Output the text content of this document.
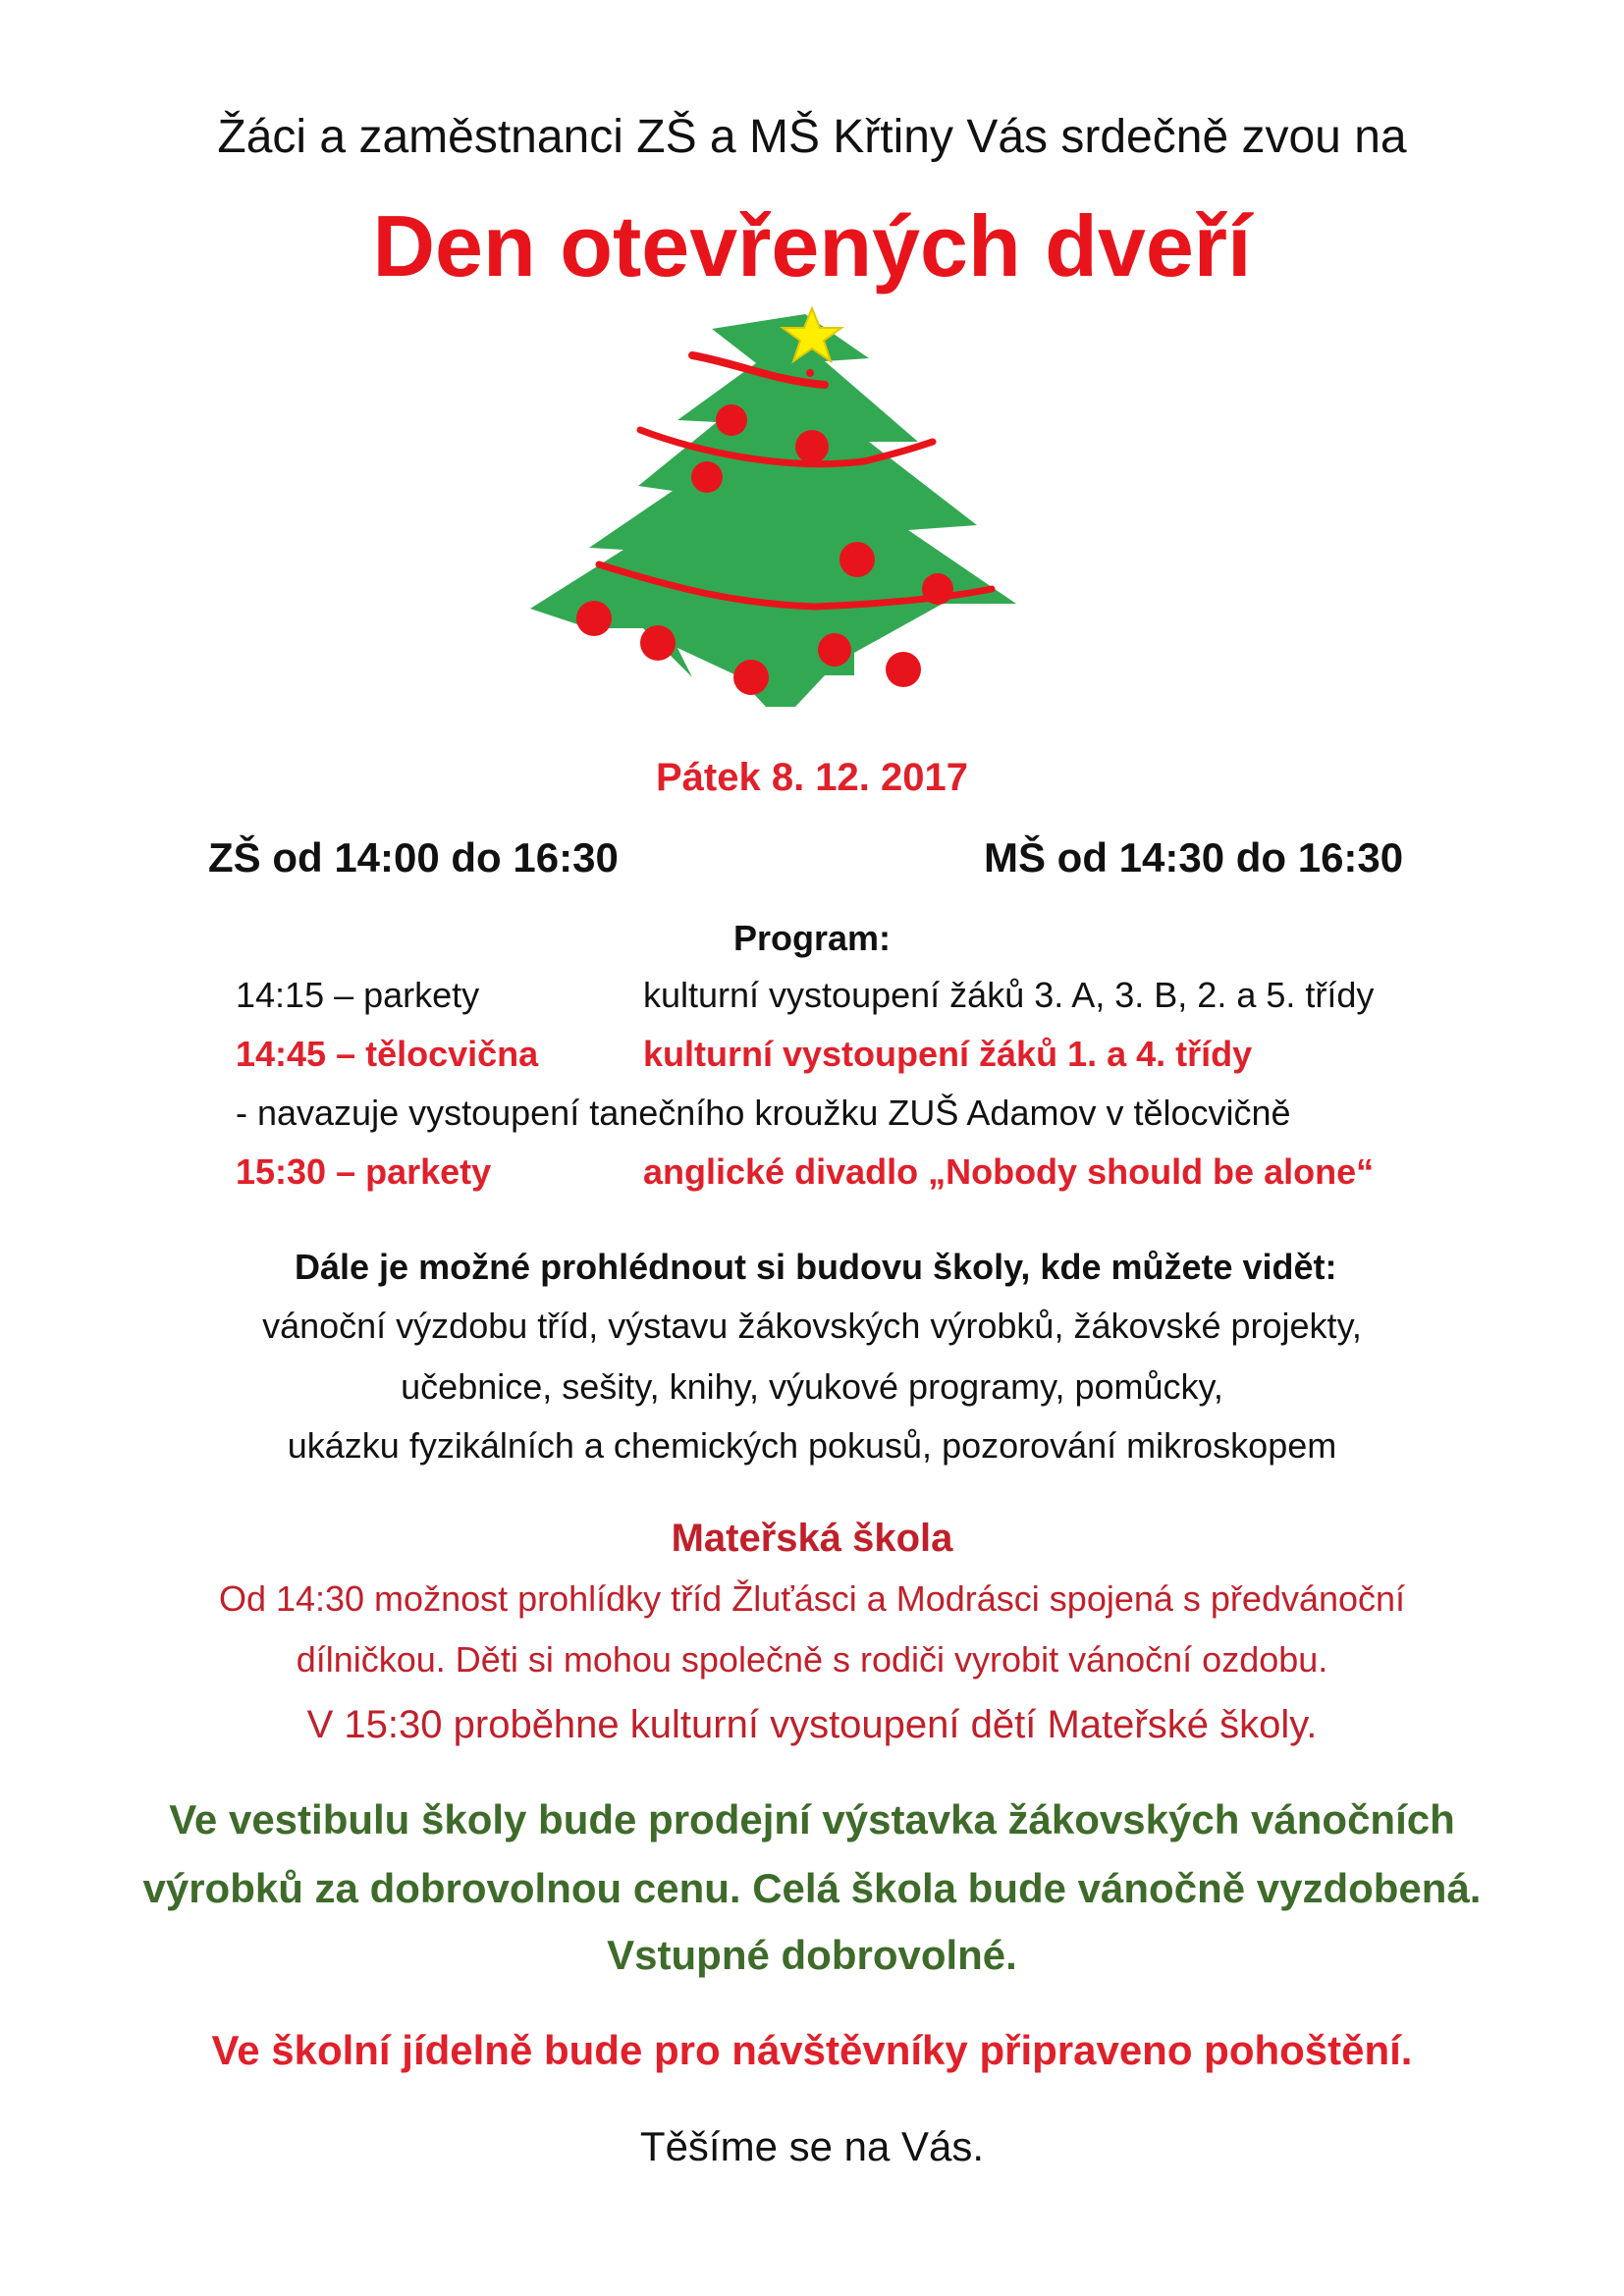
Žáci a zaměstnanci ZŠ a MŠ Křtiny Vás srdečně zvou na
Den otevřených dveří
Pátek 8. 12. 2017
ZŠ od 14:00 do 16:30	MŠ od 14:30 do 16:30
Program:
14:15 – parkety	kulturní vystoupení žáků 3. A, 3. B, 2. a 5. třídy
14:45 – tělocvična	kulturní vystoupení žáků 1. a 4. třídy
- navazuje vystoupení tanečního kroužku ZUŠ Adamov v tělocvičně
15:30 – parkety	anglické divadlo „Nobody should be alone“
Dále je možné prohlédnout si budovu školy, kde můžete vidět:
vánoční výzdobu tříd, výstavu žákovských výrobků, žákovské projekty,
učebnice, sešity, knihy, výukové programy, pomůcky,
ukázku fyzikálních a chemických pokusů, pozorování mikroskopem
Mateřská škola
Od 14:30 možnost prohlídky tříd Žluťásci a Modrásci spojená s předvánoční
dílničkou. Děti si mohou společně s rodiči vyrobit vánoční ozdobu.
V 15:30 proběhne kulturní vystoupení dětí Mateřské školy.
Ve vestibulu školy bude prodejní výstavka žákovských vánočních
výrobků za dobrovolnou cenu. Celá škola bude vánočně vyzdobená.
Vstupné dobrovolné.
Ve školní jídelně bude pro návštěvníky připraveno pohoštění.
Těšíme se na Vás.
